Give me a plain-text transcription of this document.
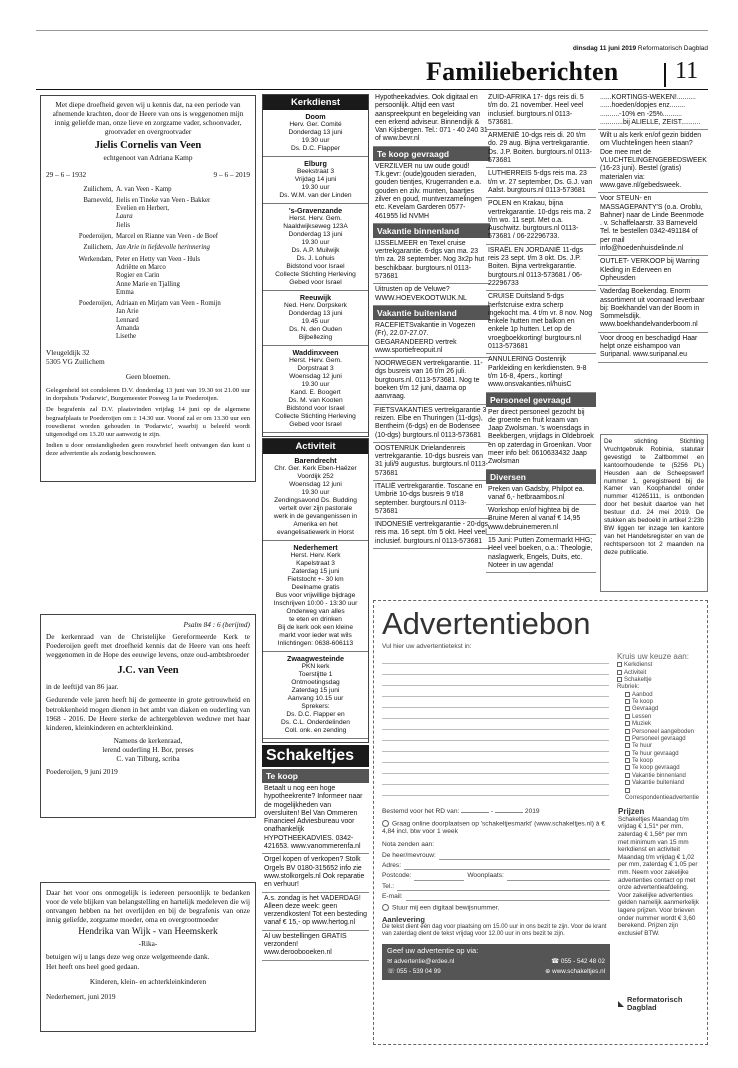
dinsdag 11 juni 2019 Reformatorisch Dagblad
Familieberichten 11
Met diepe droefheid geven wij u kennis dat, na een periode van afnemende krachten, door de Heere van ons is weggenomen mijn innig geliefde man, onze lieve en zorgzame vader, schoonvader, grootvader en overgrootvader
Jielis Cornelis van Veen
echtgenoot van Adriana Kamp
29 – 6 – 1932	9 – 6 – 2019
Zuilichem, A. van Veen - Kamp
Barneveld, Jielis en Tineke van Veen - Bakker
Evelien en Herbert,
Laura
Jielis
Poederoijen, Marcel en Rianne van Veen - de Boef
Zuilichem, Jan Arie in liefdevolle herinnering
Werkendam, Peter en Hetty van Veen - Huls
Adriëtte en Marco
Rogier en Carin
Anne Marie en Tjalling
Emma
Poederoijen, Adriaan en Mirjam van Veen - Romijn
Jan Arie
Lennard
Amanda
Lisethe
Vleugeldijk 32
5305 VG Zuilichem
Geen bloemen.
Gelegenheid tot condoleren D.V. donderdag 13 juni van 19.30 tot 21.00 uur in dorpshuis 'Podarwic', Burgemeester Posweg 1a te Poederoijen.
De begrafenis zal D.V. plaatsvinden vrijdag 14 juni op de algemene begraafplaats te Poederoijen om ± 14.30 uur. Vooraf zal er om 13.30 uur een rouwdienst worden gehouden in 'Podarwic', waarbij u beleefd wordt uitgenodigd om 13.20 uur aanwezig te zijn.
Indien u door omstandigheden geen rouwbrief heeft ontvangen dan kunt u deze advertentie als zodanig beschouwen.
Psalm 84 : 6 (berijmd)
De kerkenraad van de Christelijke Gereformeerde Kerk te Poederoijen geeft met droefheid kennis dat de Heere van ons heeft weggenomen in de Hope des eeuwige levens, onze oud-ambtsbroeder
J.C. van Veen
in de leeftijd van 86 jaar.
Gedurende vele jaren heeft hij de gemeente in grote getrouwheid en betrokkenheid mogen dienen in het ambt van diaken en ouderling van 1968 - 2016. De Heere sterke de achtergebleven weduwe met haar kinderen, kleinkinderen en achterkleinkind.
Namens de kerkenraad,
lerend ouderling H. Bor, preses
C. van Tilburg, scriba
Poederoijen, 9 juni 2019
Daar het voor ons onmogelijk is iedereen persoonlijk te bedanken voor de vele blijken van belangstelling en hartelijk medeleven die wij ontvangen hebben na het overlijden en bij de begrafenis van onze innig geliefde, zorgzame moeder, oma en overgrootmoeder
Hendrika van Wijk - van Heemskerk
-Rika-
betuigen wij u langs deze weg onze welgemeende dank.
Het heeft ons heel goed gedaan.
Kinderen, klein- en achterkleinkinderen
Nederhemert, juni 2019
Kerkdienst
Doom
Herv. Ger. Comité
Donderdag 13 juni
19.30 uur
Ds. D.C. Flapper
Elburg
Beekstraat 3
Vrijdag 14 juni
19.30 uur
Ds. W.M. van der Linden
's-Gravenzande
Herst. Herv. Gem.
Naaldwijkseweg 123A
Donderdag 13 juni
19.30 uur
Ds. A.P. Muilwijk
Ds. J. Lohuis
Bidstond voor Israel
Collecte Stichting Herleving
Gebed voor Israel
Reeuwijk
Ned. Herv. Dorpskerk
Donderdag 13 juni
19.45 uur
Ds. N. den Ouden
Bijbellezing
Waddinxveen
Herst. Herv. Gem.
Dorpstraat 3
Woensdag 12 juni
19.30 uur
Kand. E. Boogert
Ds. M. van Kooten
Bidstond voor Israel
Collecte Stichting Herleving
Gebed voor Israel
Activiteit
Barendrecht
Chr. Ger. Kerk Eben-Haëzer
Voordijk 252
Woensdag 12 juni
19.30 uur
Zendingsavond Ds. Budding
vertelt over zijn pastorale
werk in de gevangenissen in
Amerika en het
evangelisatiewerk in Horst
Nederhemert
Herst. Herv. Kerk
Kapelstraat 3
Zaterdag 15 juni
Fietstocht +- 30 km
Deelname gratis
Bus voor vrijwillige bijdrage
Inschrijven 10:00 - 13:30 uur
Onderweg van alles
te eten en drinken
Bij de kerk ook een kleine
markt voor ieder wat wils
Inlichtingen: 0638-606113
Zwaagwesteinde
PKN kerk
Toerstijtte 1
Ontmoetingsdag
Zaterdag 15 juni
Aanvang 10.15 uur
Sprekers:
Ds. D.C. Flapper en
Ds. C.L. Onderdelinden
Coll. onk. en zending
Schakeltjes
Te koop
Betaalt u nog een hoge hypotheekrente? Informeer naar de mogelijkheden van oversluiten! Bel Van Ommeren Financieel Adviesbureau voor onafhankelijk HYPOTHEEKADVIES. 0342-421653. www.vanommerenfa.nl
Orgel kopen of verkopen? Stolk Orgels BV 0180-315652 info zie www.stolkorgels.nl Ook reparatie en verhuur!
A.s. zondag is het VADERDAG! Alleen deze week: geen verzendkosten! Tot een besteding vanaf € 15,- op www.hertog.nl
Al uw bestellingen GRATIS verzonden! www.deroobooeken.nl
Hypotheekadvies. Ook digitaal en persoonlijk. Altijd een vast aanspreekpunt en begeleiding van een erkend adviseur. Binnendijk & Van Kijsbergen. Tel.: 071 - 40 240 31 of www.bevr.nl
Te koop gevraagd
VERZILVER nu uw oude goud! T.k.gevr: (oude)gouden sieraden, gouden tientjes, Krugerranden e.a. gouden en zilv. munten, baartjes zilver en goud, muntverzamelingen etc. Kevelam Garderen 0577-461955 lid NVMH
Vakantie binnenland
IJSSELMEER en Texel cruise vertrekgarantie. 6-dgs van ma. 23 t/m za. 28 september. Nog 3x2p hut beschikbaar. burgtours.nl 0113-573681
Uitrusten op de Veluwe? WWW.HOEVEKOOTWIJK.NL
Vakantie buitenland
RACEFIETSvakantie in Vogezen (Fr), 22.07-27.07. GEGARANDEERD vertrek www.sportiefreopuit.nl
NOORWEGEN vertrekgarantie. 11-dgs busreis van 16 t/m 26 juli. burgtours.nl. 0113-573681. Nog te boeken t/m 12 juni, daarna op aanvraag.
FIETSVAKANTIES vertrekgarantie 3 reizen. Elbe en Thuringen (11-dgs), Bentheim (6-dgs) en de Bodensee (10-dgs) burgtours.nl 0113-573681
OOSTENRIJK Drielandenreis vertrekgarantie. 10-dgs busreis van 31 juli/9 augustus. burgtours.nl 0113-573681
ITALIË vertrekgarantie. Toscane en Umbrië 10-dgs busreis 9 t/18 september. burgtours.nl 0113-573681
INDONESIË vertrekgarantie - 20-dgs reis ma. 16 sept. t/m 5 okt. Heel veel inclusief. burgtours.nl 0113-573681
ZUID-AFRIKA 17- dgs reis di. 5 t/m do. 21 november. Heel veel inclusief. burgtours.nl 0113-573681.
ARMENIË 10-dgs reis di. 20 t/m do. 29 aug. Bijna vertrekgarantie. Ds. J.P. Boiten. burgtours.nl 0113-573681
LUTHERREIS 5-dgs reis ma. 23 t/m vr. 27 september, Ds. G.J. van Aalst. burgtours.nl 0113-573681
POLEN en Krakau, bijna vertrekgarantie. 10-dgs reis ma. 2 t/m wo. 11 sept. Met o.a. Auschwitz. burgtours.nl 0113-573681 / 06-22296733.
ISRAËL EN JORDANIË 11-dgs reis 23 sept. t/m 3 okt. Ds. J.P. Boiten. Bijna vertrekgarantie. burgtours.nl 0113-573681 / 06-22296733
CRUISE Duitsland 5-dgs herfstcruise extra scherp ingekocht ma. 4 t/m vr. 8 nov. Nog enkele hutten met balkon en enkele 1p hutten. Let op de vroegboekkorting! burgtours.nl 0113-573681
ANNULERING Oostenrijk Parkleiding en kerkdiensten. 9-8 t/m 16-8, 4pers., korting! www.onsvakanties.nl/huisC
Personeel gevraagd
Per direct personeel gezocht bij de groente en fruit kraam van Jaap Zwolsman. 's woensdags in Beekbergen, vrijdags in Oldebroek en op zaterdag in Groenkan. Voor meer info bel: 0610633432 Jaap Zwolsman
Diversen
Preken van Gadsby, Philpot ea. vanaf 6,- hetbraambos.nl
Workshop en/of hightea bij de Bruine Meren al vanaf € 14,95 www.debruinemeren.nl
15 Juni: Putten Zomermarkt HHG; Heel veel boeken, o.a.: Theologie, naslagwerk, Engels, Duits, etc. Noteer in uw agenda!
......KORTINGS-WEKEN!.......... ......hoeden/dopjes enz........ ..........-10% en -25%.......... ............bij ALIELLE, ZEIST..........
Wilt u als kerk en/of gezin bidden om Vluchtelingen heen staan? Doe mee met de VLUCHTELINGENGEBEDSWEEK (16-23 juni). Bestel (gratis) materialen via: www.gave.nl/gebedsweek.
Voor STEUN- en MASSAGEPANTY'S (o.a. Oroblu, Bahner) naar de Linde Beenmode . v. Schaffelaarstr. 33 Barneveld Tel. te bestellen 0342-491184 of per mail info@hoedenhuisdelinde.nl
OUTLET- VERKOOP bij Warring Kleding in Ederveen en Opheusden
Vaderdag Boekendag. Enorm assortiment uit voorraad leverbaar bij: Boekhandel van der Boom in Sommelsdijk. www.boekhandelvanderboom.nl
Voor droog en beschadigd Haar helpt onze eishampoo van Suripanal. www.suripanal.eu
De stichting Stichting Vruchtgebruik Robinia, statutair gevestigd te Zaltbommel en kantoorhoudende te (5256 PL) Heusden aan de Scheepswerf nummer 1, geregistreerd bij de Kamer van Koophandel onder nummer 41265111, is ontbonden door het besluit daartoe van het bestuur d.d. 24 mei 2019. De stukken als bedoeld in artikel 2:23b BW liggen ter inzage ten kantore van het Handelsregister en van de rechtspersoon tot 2 maanden na deze publicatie.
Advertentiebon
Vul hier uw advertentietekst in:
Kruis uw keuze aan:
Kerkdienst
Activiteit
Schakeltje
Rubriek:
Aanbod
Te koop
Gevraagd
Lessen
Muziek
Personeel aangeboden
Personeel gevraagd
Te huur
Te huur gevraagd
Te koop
Te koop gevraagd
Vakantie binnenland
Vakantie buitenland
Correspondentieadvertentie
Bestemd voor het RD van:	-	2019
Graag online doorplaatsen op 'schakeltjesmarkt' (www.schakeltjes.nl) à € 4,84 incl. btw voor 1 week
Nota zenden aan:
De heer/mevrouw:
Adres:
Postcode:	Woonplaats:
Tel.:
E-mail:
Stuur mij een digitaal bewijsnummer.
Aanlevering
De tekst dient één dag voor plaatsing om 15.00 uur in ons bezit te zijn. Voor de krant van zaterdag dient de tekst vrijdag voor 12.00 uur in ons bezit te zijn.
Geef uw advertentie op via:
✉ advertentie@erdee.nl	☎ 055 - 542 48 02
☏ 055 - 539 04 99	⊕ www.schakeltjes.nl
Prijzen
Schakeltjes Maandag t/m vrijdag € 1,51* per mm, zaterdag € 1,56* per mm met minimum van 15 mm kerkdienst en activiteit Maandag t/m vrijdag € 1,02 per mm, zaterdag € 1,05 per mm. Neem voor zakelijke advertenties contact op met onze advertentieafdeling. Voor zakelijke advertenties gelden namelijk aanmerkelijk lagere prijzen. Voor brieven onder nummer wordt € 3,60 berekend. Prijzen zijn exclusief BTW.
Reformatorisch Dagblad
